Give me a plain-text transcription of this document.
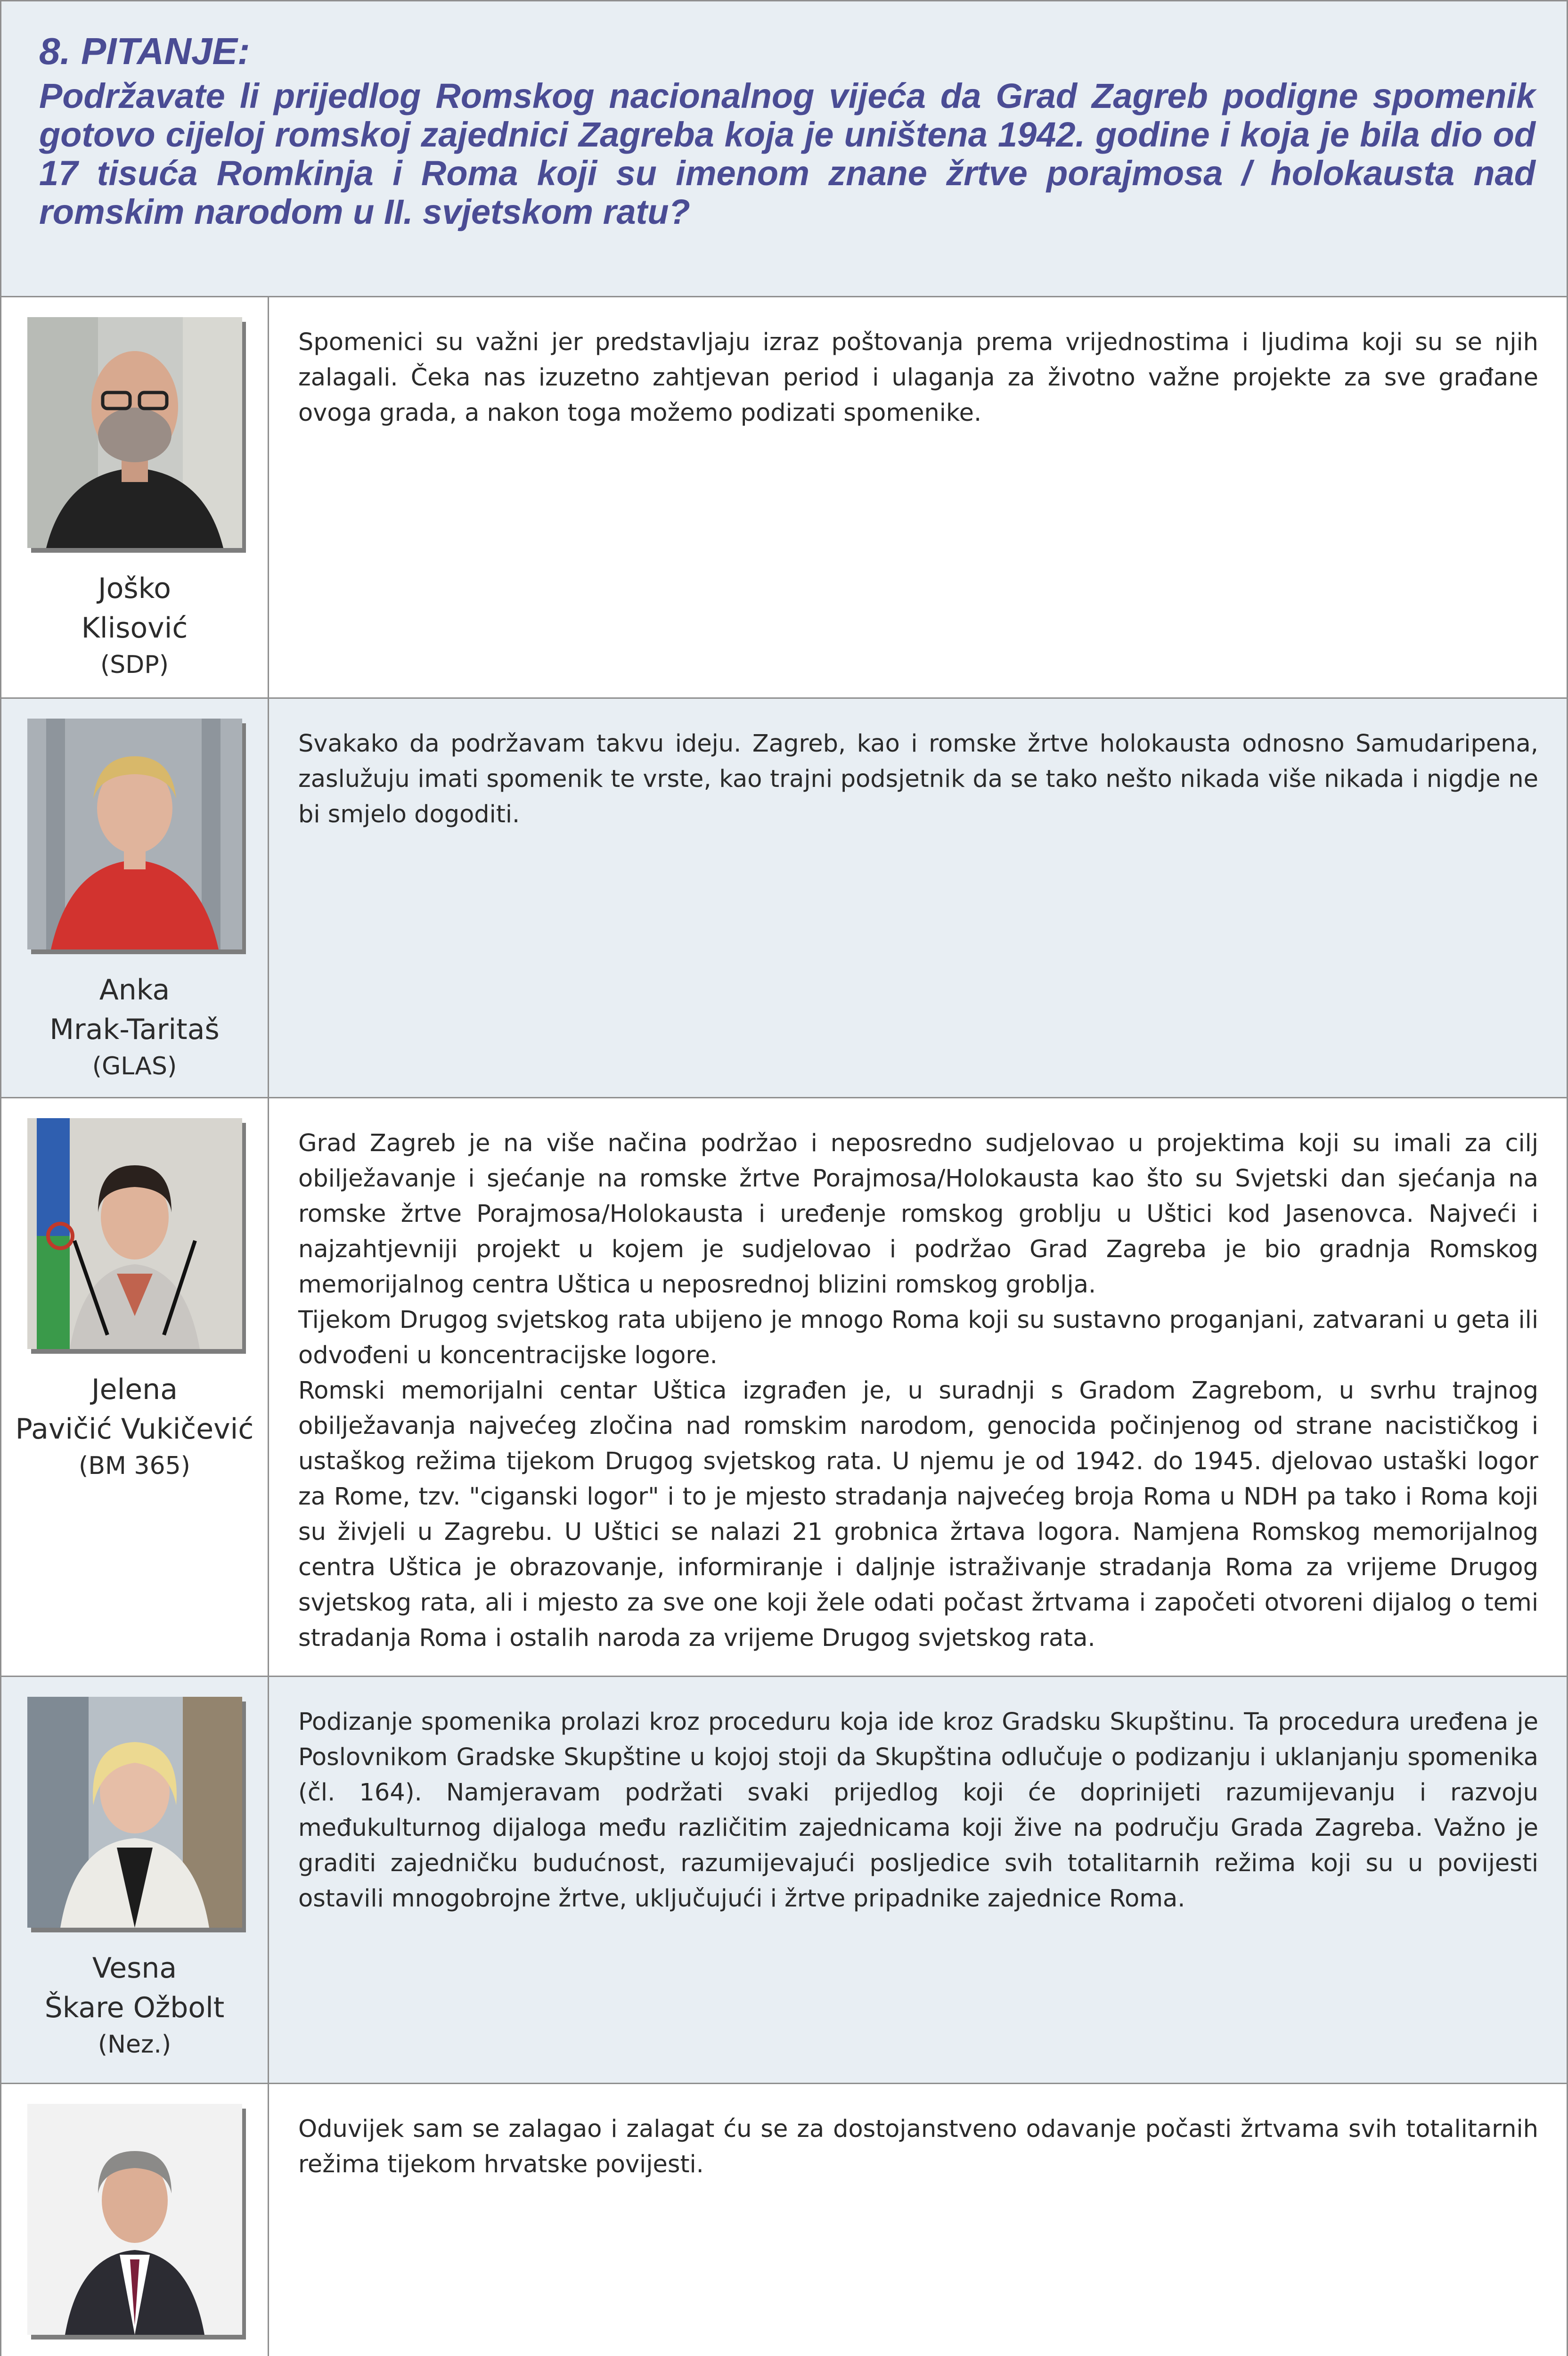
8. PITANJE:
Podržavate li prijedlog Romskog nacionalnog vijeća da Grad Zagreb podigne spomenik gotovo cijeloj romskoj zajednici Zagreba koja je uništena 1942. godine i koja je bila dio od 17 tisuća Romkinja i Roma koji su imenom znane žrtve porajmosa / holokausta nad romskim narodom u II. svjetskom ratu?
Joško
Klisović
(SDP)

Spomenici su važni jer predstavljaju izraz poštovanja prema vrijednostima i ljudima koji su se njih zalagali. Čeka nas izuzetno zahtjevan period i ulaganja za životno važne projekte za sve građane ovoga grada, a nakon toga možemo podizati spomenike.

Anka
Mrak-Taritaš
(GLAS)

Svakako da podržavam takvu ideju. Zagreb, kao i romske žrtve holokausta odnosno Samudaripena, zaslužuju imati spomenik te vrste, kao trajni podsjetnik da se tako nešto nikada više nikada i nigdje ne bi smjelo dogoditi.

Jelena
Pavičić Vukičević
(BM 365)

Grad Zagreb je na više načina podržao i neposredno sudjelovao u projektima koji su imali za cilj obilježavanje i sjećanje na romske žrtve Porajmosa/Holokausta kao što su Svjetski dan sjećanja na romske žrtve Porajmosa/Holokausta i uređenje romskog groblju u Uštici kod Jasenovca. Najveći i najzahtjevniji projekt u kojem je sudjelovao i podržao Grad Zagreba je bio gradnja Romskog memorijalnog centra Uštica u neposrednoj blizini romskog groblja.

Tijekom Drugog svjetskog rata ubijeno je mnogo Roma koji su sustavno proganjani, zatvarani u geta ili odvođeni u koncentracijske logore.

Romski memorijalni centar Uštica izgrađen je, u suradnji s Gradom Zagrebom, u svrhu trajnog obilježavanja najvećeg zločina nad romskim narodom, genocida počinjenog od strane nacističkog i ustaškog režima tijekom Drugog svjetskog rata. U njemu je od 1942. do 1945. djelovao ustaški logor za Rome, tzv. "ciganski logor" i to je mjesto stradanja najvećeg broja Roma u NDH pa tako i Roma koji su živjeli u Zagrebu. U Uštici se nalazi 21 grobnica žrtava logora. Namjena Romskog memorijalnog centra Uštica je obrazovanje, informiranje i daljnje istraživanje stradanja Roma za vrijeme Drugog svjetskog rata, ali i mjesto za sve one koji žele odati počast žrtvama i započeti otvoreni dijalog o temi stradanja Roma i ostalih naroda za vrijeme Drugog svjetskog rata.

Vesna
Škare Ožbolt
(Nez.)

Podizanje spomenika prolazi kroz proceduru koja ide kroz Gradsku Skupštinu. Ta procedura uređena je Poslovnikom Gradske Skupštine u kojoj stoji da Skupština odlučuje o podizanju i uklanjanju spomenika (čl. 164). Namjeravam podržati svaki prijedlog koji će doprinijeti razumijevanju i razvoju međukulturnog dijaloga među različitim zajednicama koji žive na području Grada Zagreba. Važno je graditi zajedničku budućnost, razumijevajući posljedice svih totalitarnih režima koji su u povijesti ostavili mnogobrojne žrtve, uključujući i žrtve pripadnike zajednice Roma.

Oduvijek sam se zalagao i zalagat ću se za dostojanstveno odavanje počasti žrtvama svih totalitarnih režima tijekom hrvatske povijesti.
